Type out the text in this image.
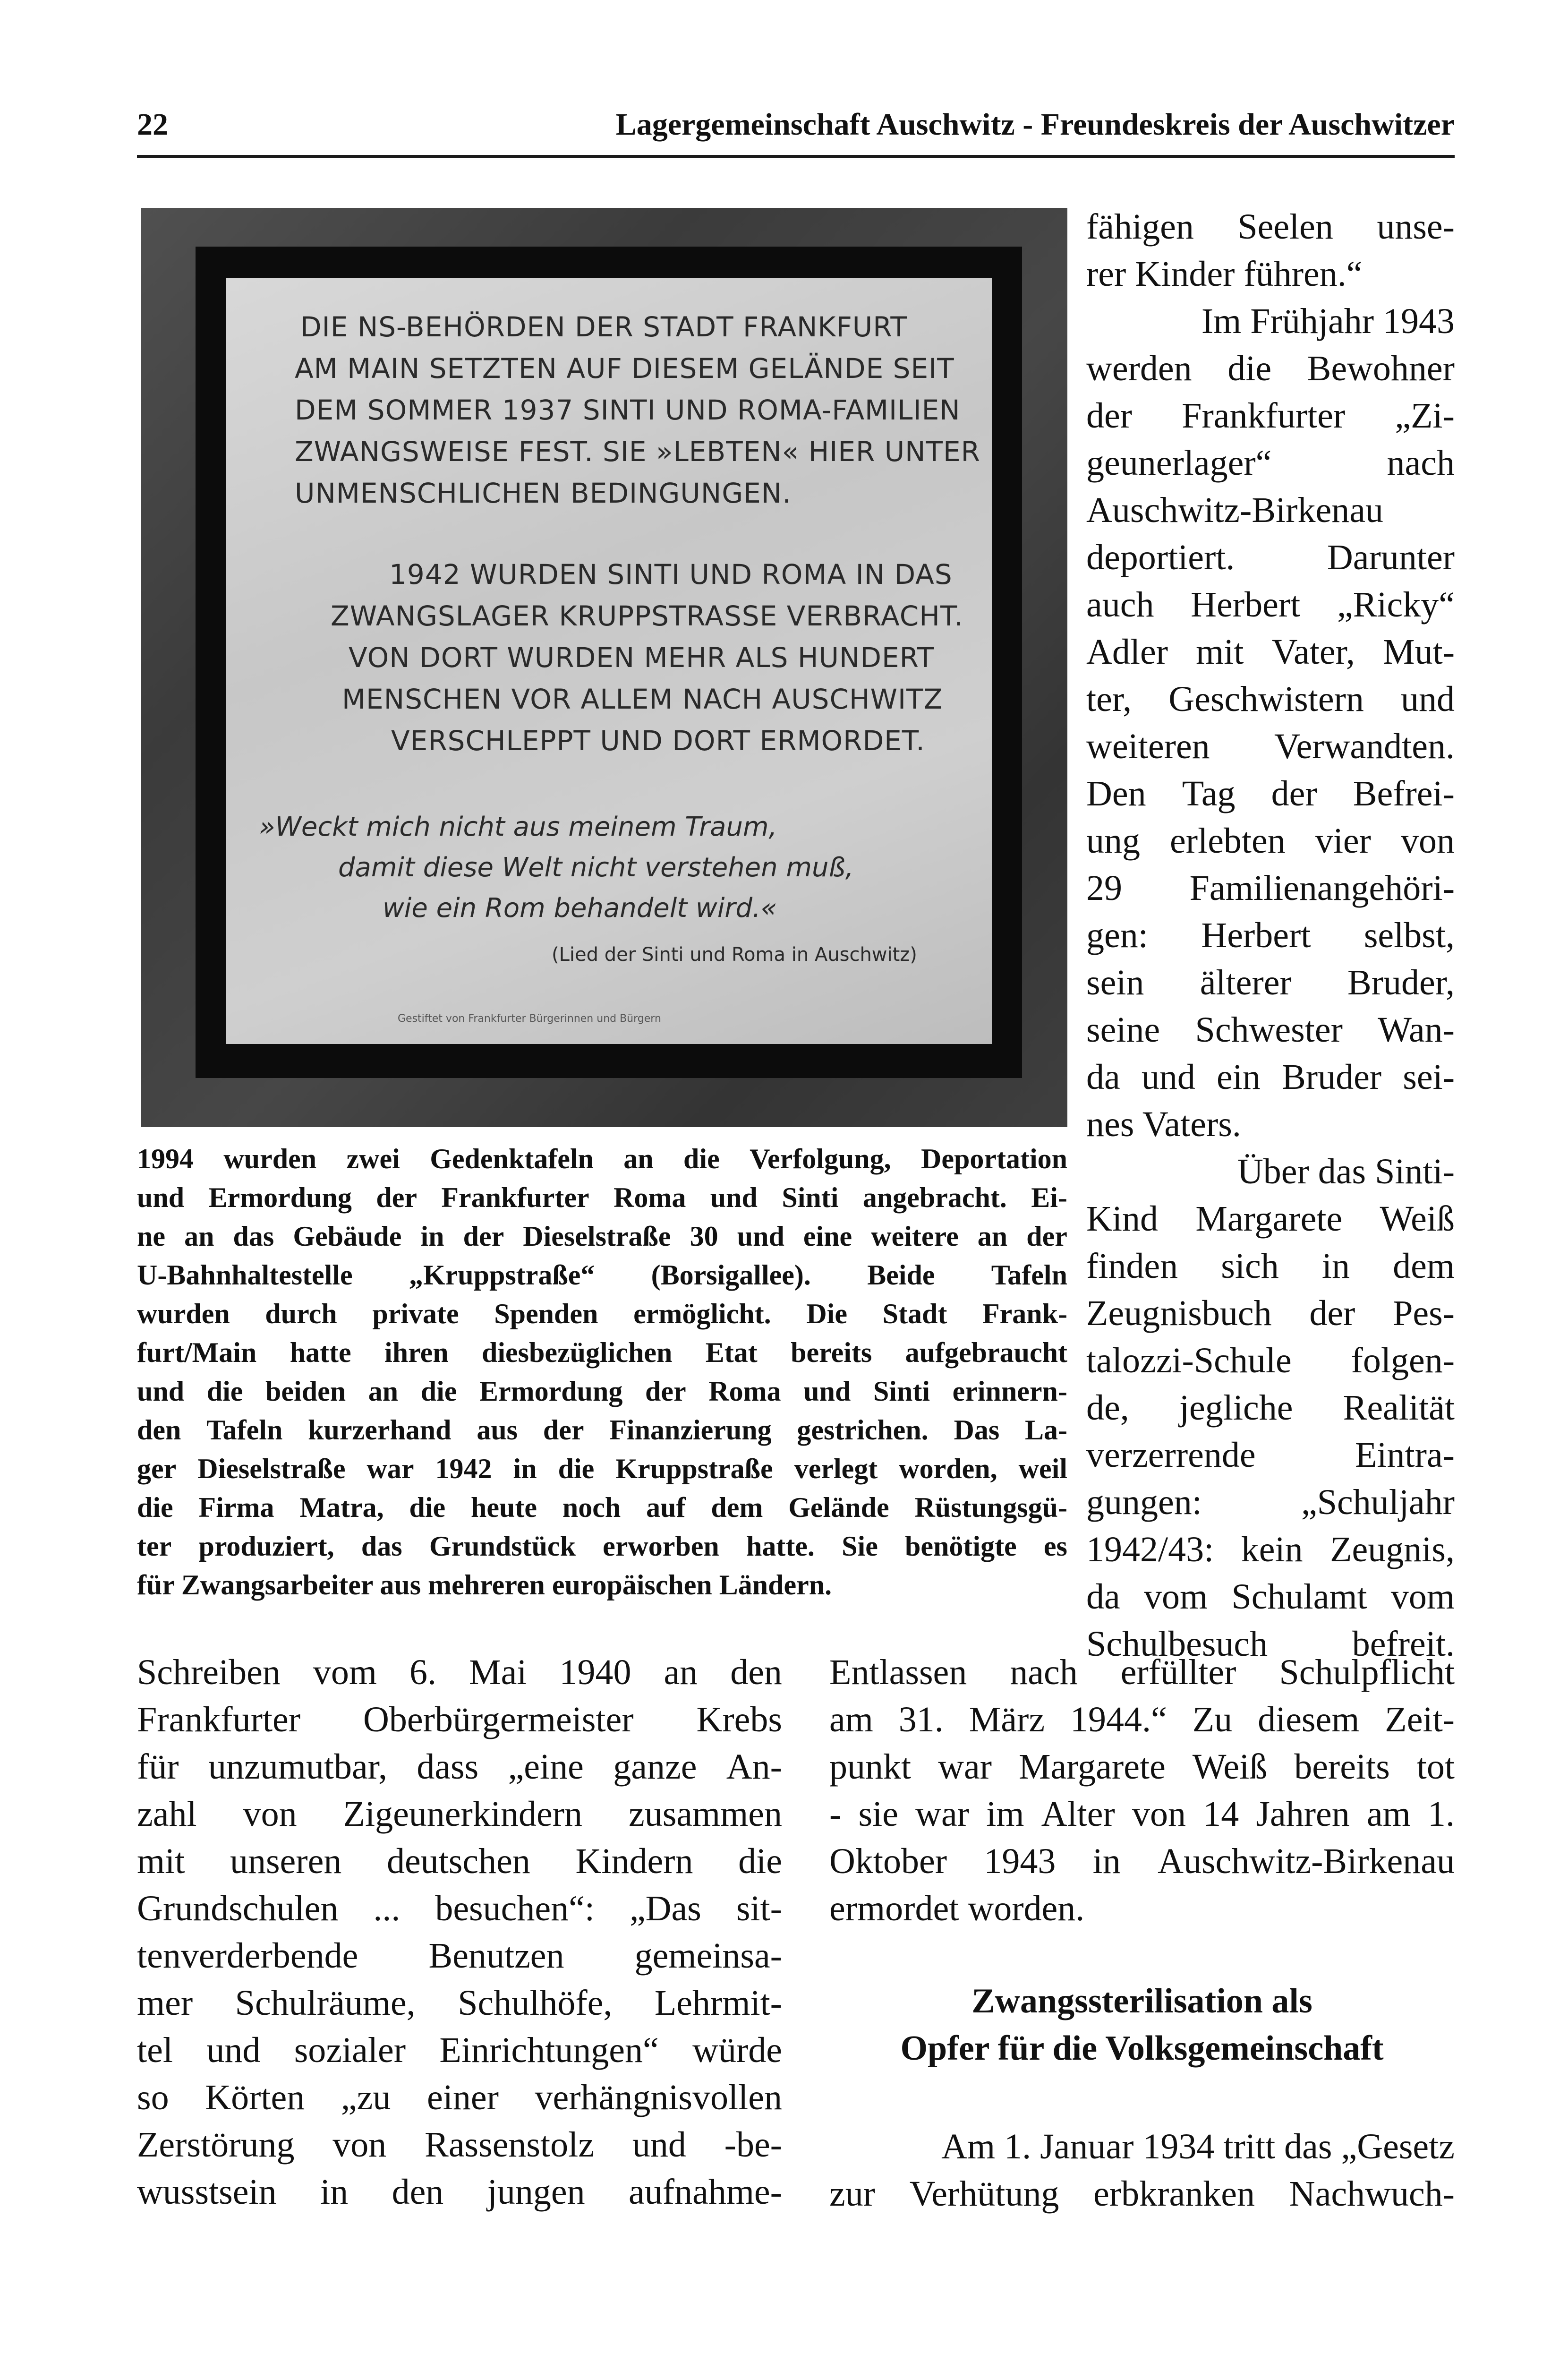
22	Lagergemeinschaft Auschwitz - Freundeskreis der Auschwitzer
DIE NS-BEHÖRDEN DER STADT FRANKFURT
AM MAIN SETZTEN AUF DIESEM GELÄNDE SEIT
DEM SOMMER 1937 SINTI UND ROMA-FAMILIEN
ZWANGSWEISE FEST. SIE »LEBTEN« HIER UNTER
UNMENSCHLICHEN BEDINGUNGEN.
1942 WURDEN SINTI UND ROMA IN DAS
ZWANGSLAGER KRUPPSTRASSE VERBRACHT.
VON DORT WURDEN MEHR ALS HUNDERT
MENSCHEN VOR ALLEM NACH AUSCHWITZ
VERSCHLEPPT UND DORT ERMORDET.
»Weckt mich nicht aus meinem Traum,
damit diese Welt nicht verstehen muß,
wie ein Rom behandelt wird.«
(Lied der Sinti und Roma in Auschwitz)
Gestiftet von Frankfurter Bürgerinnen und Bürgern
1994 wurden zwei Gedenktafeln an die Verfolgung, Deportation
und Ermordung der Frankfurter Roma und Sinti angebracht. Ei-
ne an das Gebäude in der Dieselstraße 30 und eine weitere an der
U-Bahnhaltestelle „Kruppstraße“ (Borsigallee). Beide Tafeln
wurden durch private Spenden ermöglicht. Die Stadt Frank-
furt/Main hatte ihren diesbezüglichen Etat bereits aufgebraucht
und die beiden an die Ermordung der Roma und Sinti erinnern-
den Tafeln kurzerhand aus der Finanzierung gestrichen. Das La-
ger Dieselstraße war 1942 in die Kruppstraße verlegt worden, weil
die Firma Matra, die heute noch auf dem Gelände Rüstungsgü-
ter produziert, das Grundstück erworben hatte. Sie benötigte es
für Zwangsarbeiter aus mehreren europäischen Ländern.
fähigen Seelen unse-
rer Kinder führen.“
Im Frühjahr 1943
werden die Bewohner
der Frankfurter „Zi-
geunerlager“	nach
Auschwitz-Birkenau
deportiert.	Darunter
auch Herbert „Ricky“
Adler mit Vater, Mut-
ter, Geschwistern und
weiteren Verwandten.
Den Tag der Befrei-
ung erlebten vier von
29 Familienangehöri-
gen: Herbert selbst,
sein älterer Bruder,
seine Schwester Wan-
da und ein Bruder sei-
nes Vaters.
Über das Sinti-
Kind Margarete Weiß
finden sich in dem
Zeugnisbuch der Pes-
talozzi-Schule folgen-
de, jegliche Realität
verzerrende	Eintra-
gungen:	„Schuljahr
1942/43: kein Zeugnis,
da vom Schulamt vom
Schulbesuch befreit.
Schreiben vom 6. Mai 1940 an den
Frankfurter Oberbürgermeister Krebs
für unzumutbar, dass „eine ganze An-
zahl von Zigeunerkindern zusammen
mit unseren deutschen Kindern die
Grundschulen ... besuchen“: „Das sit-
tenverderbende Benutzen gemeinsa-
mer Schulräume, Schulhöfe, Lehrmit-
tel und sozialer Einrichtungen“ würde
so Körten „zu einer verhängnisvollen
Zerstörung von Rassenstolz und -be-
wusstsein in den jungen aufnahme-
Entlassen nach erfüllter Schulpflicht
am 31. März 1944.“ Zu diesem Zeit-
punkt war Margarete Weiß bereits tot
- sie war im Alter von 14 Jahren am 1.
Oktober 1943 in Auschwitz-Birkenau
ermordet worden.
Zwangssterilisation als
Opfer für die Volksgemeinschaft
Am 1. Januar 1934 tritt das „Gesetz
zur Verhütung erbkranken Nachwuch-
